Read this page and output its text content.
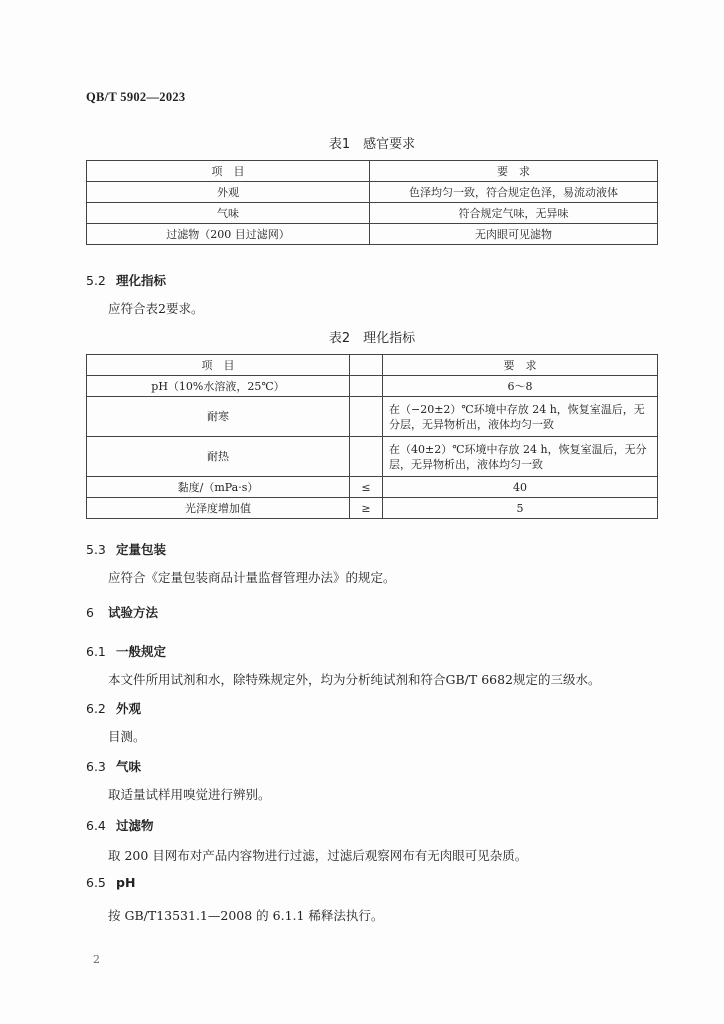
QB/T 5902—2023
表1　感官要求
项　目	要　求
外观	色泽均匀一致，符合规定色泽，易流动液体
气味	符合规定气味，无异味
过滤物（200 目过滤网）	无肉眼可见滤物
5.2 理化指标
应符合表2要求。
表2　理化指标
项　目		要　求
pH（10%水溶液，25℃）		6～8
耐寒		在（−20±2）℃环境中存放 24 h，恢复室温后，无分层，无异物析出，液体均匀一致
耐热		在（40±2）℃环境中存放 24 h，恢复室温后，无分层，无异物析出，液体均匀一致
黏度/（mPa·s）	≤	40
光泽度增加值	≥	5
5.3 定量包装
应符合《定量包装商品计量监督管理办法》的规定。
6 试验方法
6.1 一般规定
本文件所用试剂和水，除特殊规定外，均为分析纯试剂和符合GB/T 6682规定的三级水。
6.2 外观
目测。
6.3 气味
取适量试样用嗅觉进行辨别。
6.4 过滤物
取 200 目网布对产品内容物进行过滤，过滤后观察网布有无肉眼可见杂质。
6.5 pH
按 GB/T13531.1—2008 的 6.1.1 稀释法执行。
2
